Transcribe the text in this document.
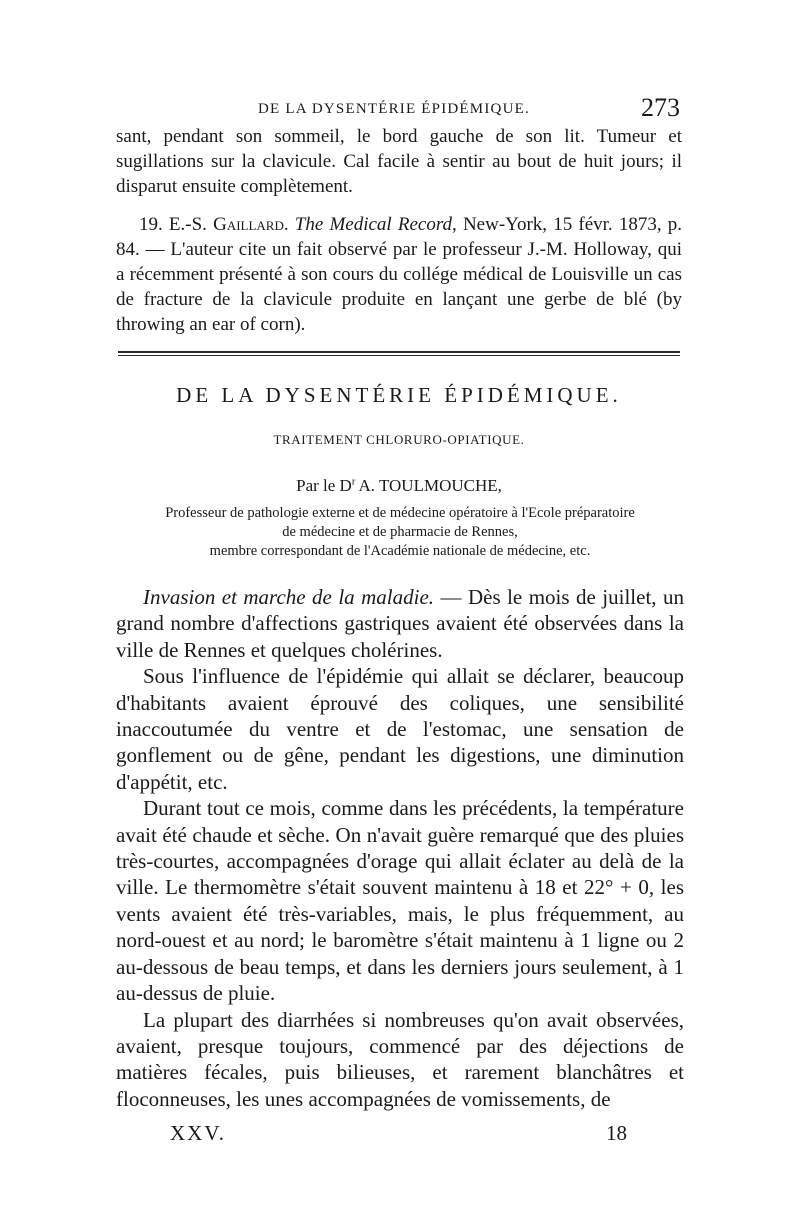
DE LA DYSENTÉRIE ÉPIDÉMIQUE.	273

sant, pendant son sommeil, le bord gauche de son lit. Tumeur et sugillations sur la clavicule. Cal facile à sentir au bout de huit jours; il disparut ensuite complètement.

19. E.-S. Gaillard. The Medical Record, New-York, 15 févr. 1873, p. 84. — L'auteur cite un fait observé par le professeur J.-M. Holloway, qui a récemment présenté à son cours du collége médical de Louisville un cas de fracture de la clavicule produite en lançant une gerbe de blé (by throwing an ear of corn).

DE LA DYSENTÉRIE ÉPIDÉMIQUE.
TRAITEMENT CHLORURO-OPIATIQUE.
Par le $D^r$ A. TOULMOUCHE,
Professeur de pathologie externe et de médecine opératoire à l'Ecole préparatoire
de médecine et de pharmacie de Rennes,
membre correspondant de l'Académie nationale de médecine, etc.

Invasion et marche de la maladie. — Dès le mois de juillet, un grand nombre d'affections gastriques avaient été observées dans la ville de Rennes et quelques cholérines.

Sous l'influence de l'épidémie qui allait se déclarer, beaucoup d'habitants avaient éprouvé des coliques, une sensibilité inaccoutumée du ventre et de l'estomac, une sensation de gonflement ou de gêne, pendant les digestions, une diminution d'appétit, etc.

Durant tout ce mois, comme dans les précédents, la température avait été chaude et sèche. On n'avait guère remarqué que des pluies très-courtes, accompagnées d'orage qui allait éclater au delà de la ville. Le thermomètre s'était souvent maintenu à 18 et 22° + 0, les vents avaient été très-variables, mais, le plus fréquemment, au nord-ouest et au nord; le baromètre s'était maintenu à 1 ligne ou 2 au-dessous de beau temps, et dans les derniers jours seulement, à 1 au-dessus de pluie.

La plupart des diarrhées si nombreuses qu'on avait observées, avaient, presque toujours, commencé par des déjections de matières fécales, puis bilieuses, et rarement blanchâtres et floconneuses, les unes accompagnées de vomissements, de

XXV.	18
